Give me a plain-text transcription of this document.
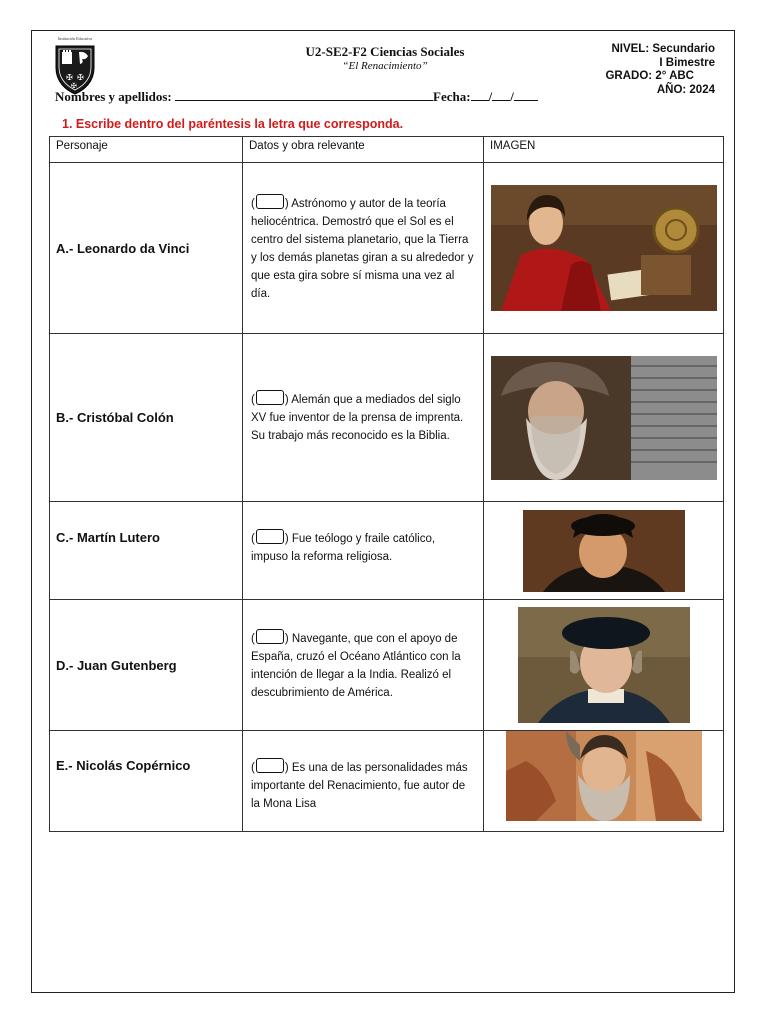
Institución Educativa
✠ ✠
✠
U2-SE2-F2 Ciencias Sociales
“El Renacimiento”
NIVEL: Secundario
I Bimestre
GRADO: 2° ABC
AÑO: 2024
Nombres y apellidos:	Fecha: / /
1. Escribe dentro del paréntesis la letra que corresponda.
Personaje	Datos y obra relevante	IMAGEN
A.- Leonardo da Vinci	( ) Astrónomo y autor de la teoría heliocéntrica. Demostró que el Sol es el centro del sistema planetario, que la Tierra y los demás planetas giran a su alrededor y que esta gira sobre sí misma una vez al día.	

B.- Cristóbal Colón	( ) Alemán que a mediados del siglo XV fue inventor de la prensa de imprenta. Su trabajo más reconocido es la Biblia.	

C.- Martín Lutero	( ) Fue teólogo y fraile católico, impuso la reforma religiosa.	

D.- Juan Gutenberg	( ) Navegante, que con el apoyo de España, cruzó el Océano Atlántico con la intención de llegar a la India. Realizó el descubrimiento de América.	

E.- Nicolás Copérnico	( ) Es una de las personalidades más importante del Renacimiento, fue autor de la Mona Lisa	
